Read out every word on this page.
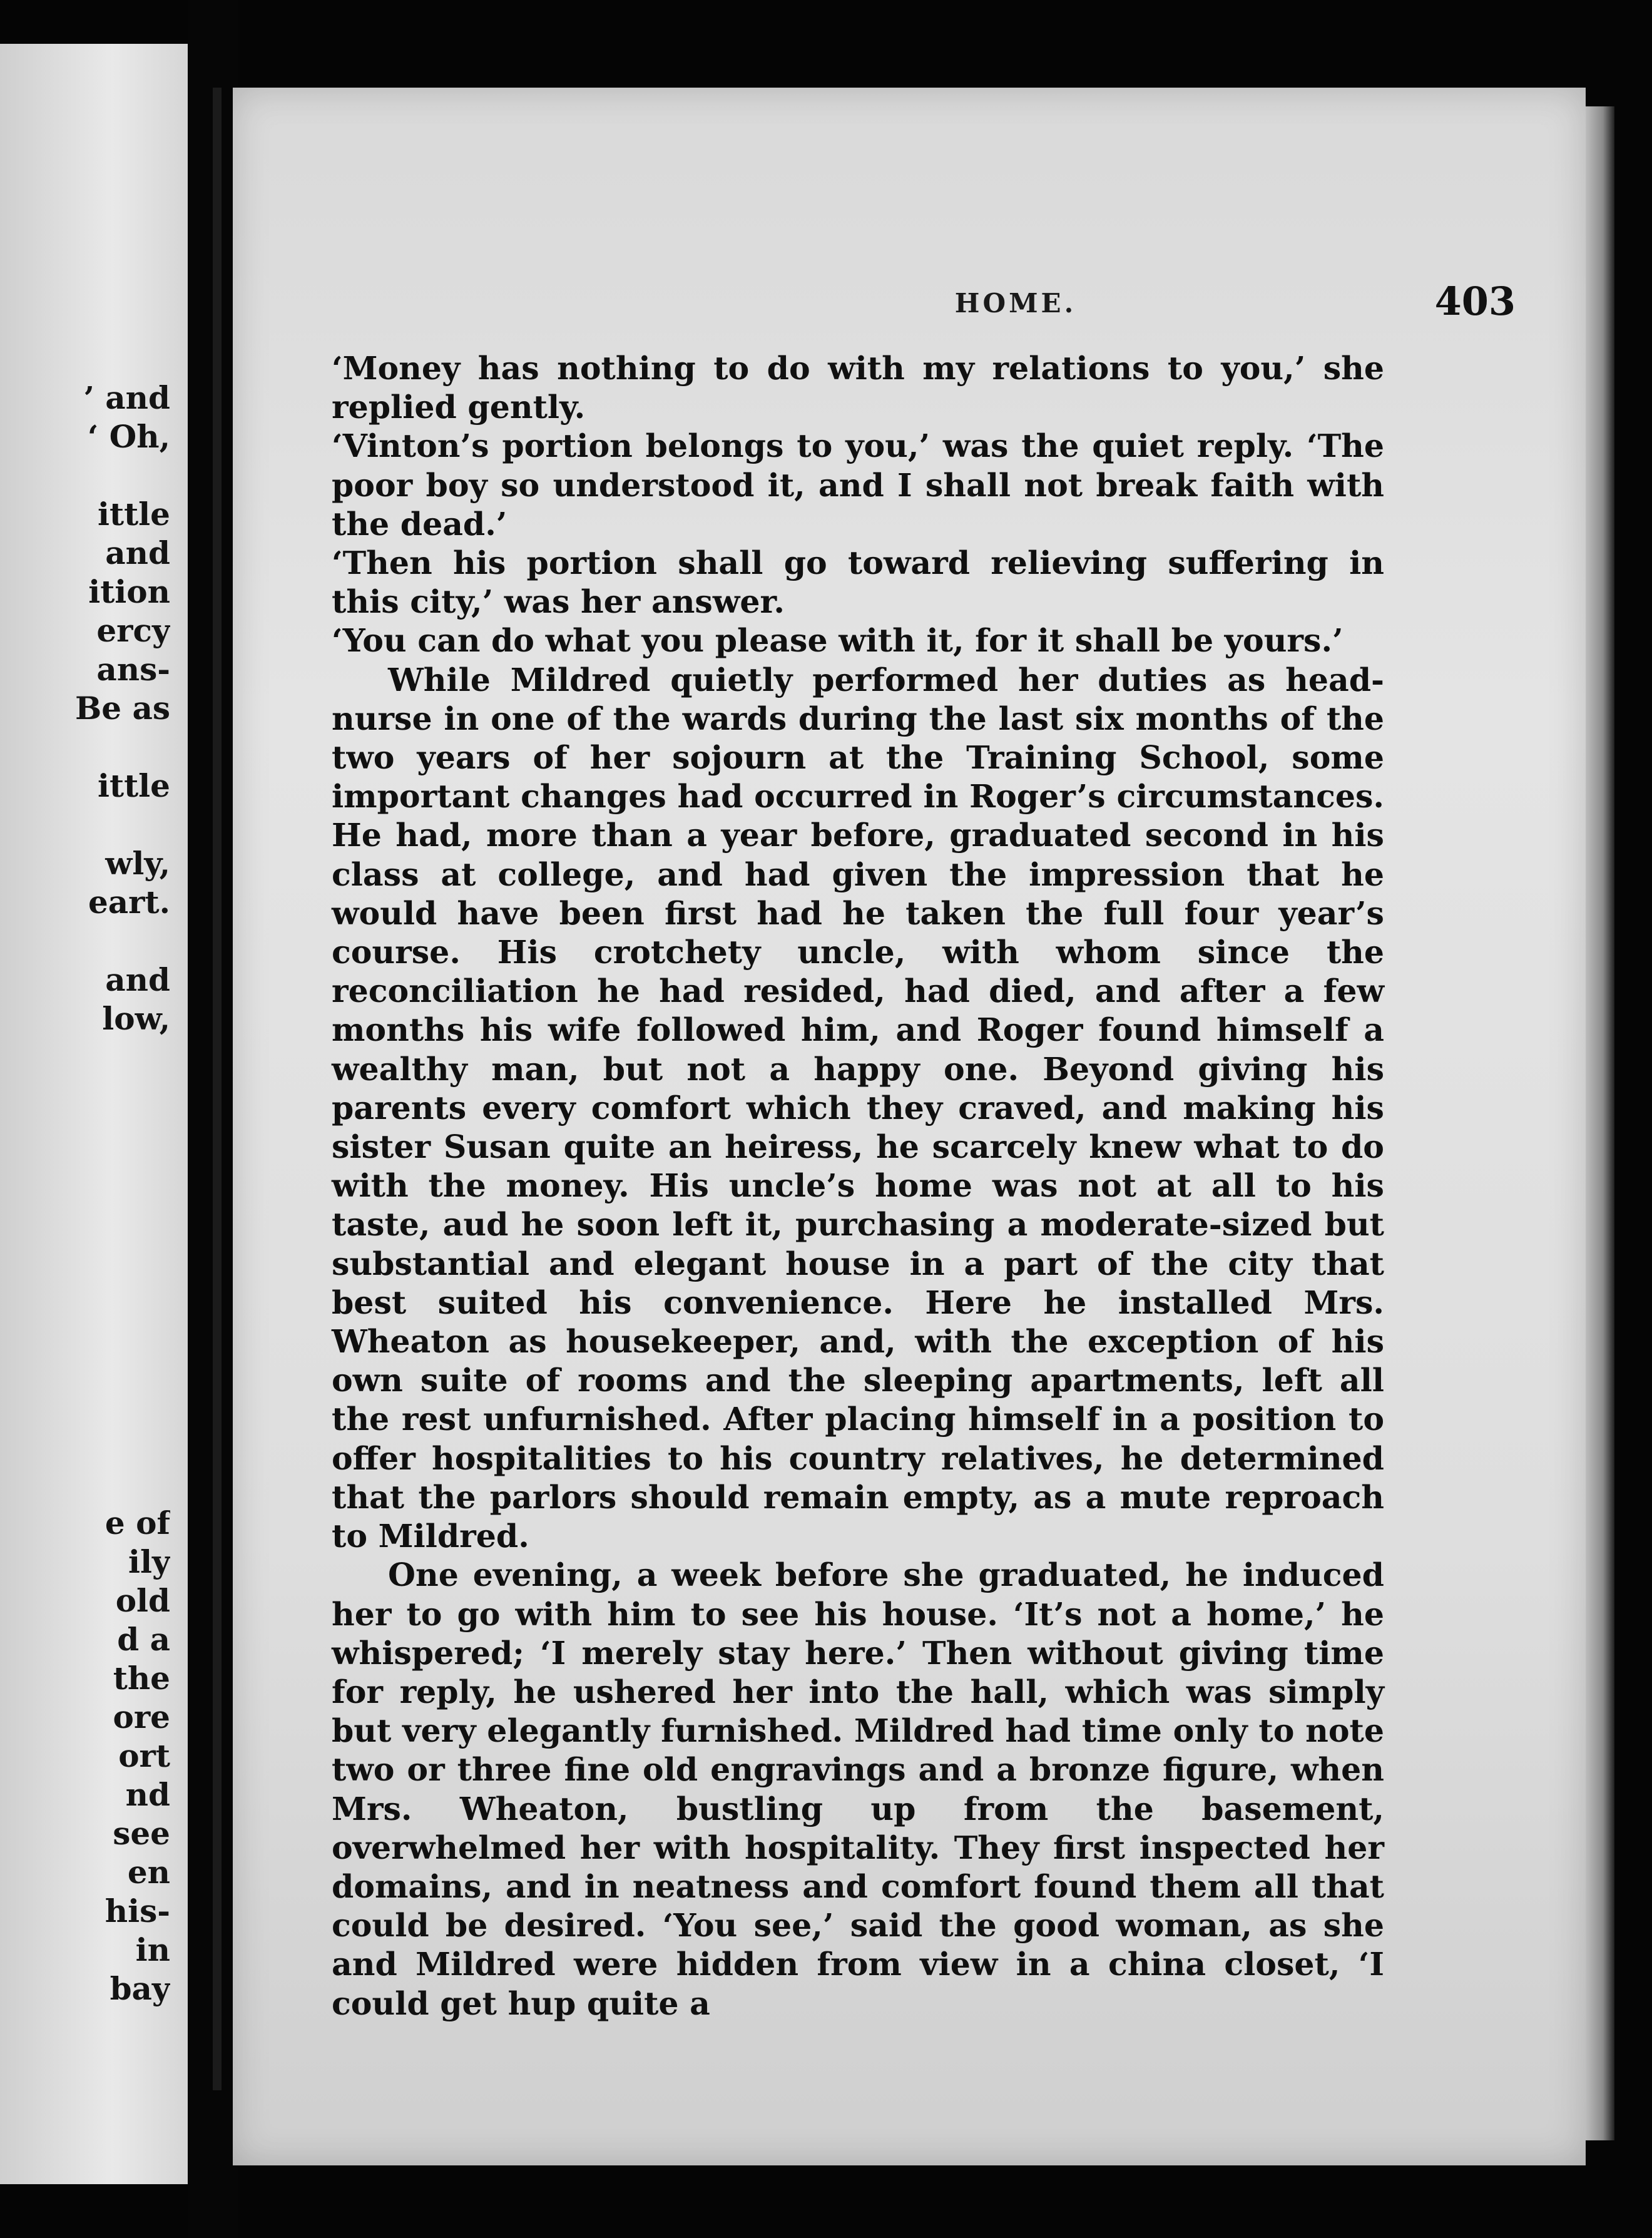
’ and
‘ Oh,
ittle
and
ition
ercy
ans-
Be as
ittle
wly,
eart.
and
low,
e of
ily
old
d a
the
ore
ort
nd
see
en
his-
in
bay
HOME.	403

‘Money has nothing to do with my relations to you,’ she replied gently.

‘Vinton’s portion belongs to you,’ was the quiet reply. ‘The poor boy so understood it, and I shall not break faith with the dead.’

‘Then his portion shall go toward relieving suffering in this city,’ was her answer.

‘You can do what you please with it, for it shall be yours.’

While Mildred quietly performed her duties as head-nurse in one of the wards during the last six months of the two years of her sojourn at the Training School, some important changes had occurred in Roger’s circumstances. He had, more than a year before, graduated second in his class at college, and had given the impression that he would have been first had he taken the full four year’s course. His crotchety uncle, with whom since the reconciliation he had resided, had died, and after a few months his wife followed him, and Roger found himself a wealthy man, but not a happy one. Beyond giving his parents every comfort which they craved, and making his sister Susan quite an heiress, he scarcely knew what to do with the money. His uncle’s home was not at all to his taste, aud he soon left it, purchasing a moderate-sized but substantial and elegant house in a part of the city that best suited his convenience. Here he installed Mrs. Wheaton as housekeeper, and, with the exception of his own suite of rooms and the sleeping apartments, left all the rest unfurnished. After placing himself in a position to offer hospitalities to his country relatives, he determined that the parlors should remain empty, as a mute reproach to Mildred.

One evening, a week before she graduated, he induced her to go with him to see his house. ‘It’s not a home,’ he whispered; ‘I merely stay here.’ Then without giving time for reply, he ushered her into the hall, which was simply but very elegantly furnished. Mildred had time only to note two or three fine old engravings and a bronze figure, when Mrs. Wheaton, bustling up from the basement, overwhelmed her with hospitality. They first inspected her domains, and in neatness and comfort found them all that could be desired. ‘You see,’ said the good woman, as she and Mildred were hidden from view in a china closet, ‘I could get hup quite a
